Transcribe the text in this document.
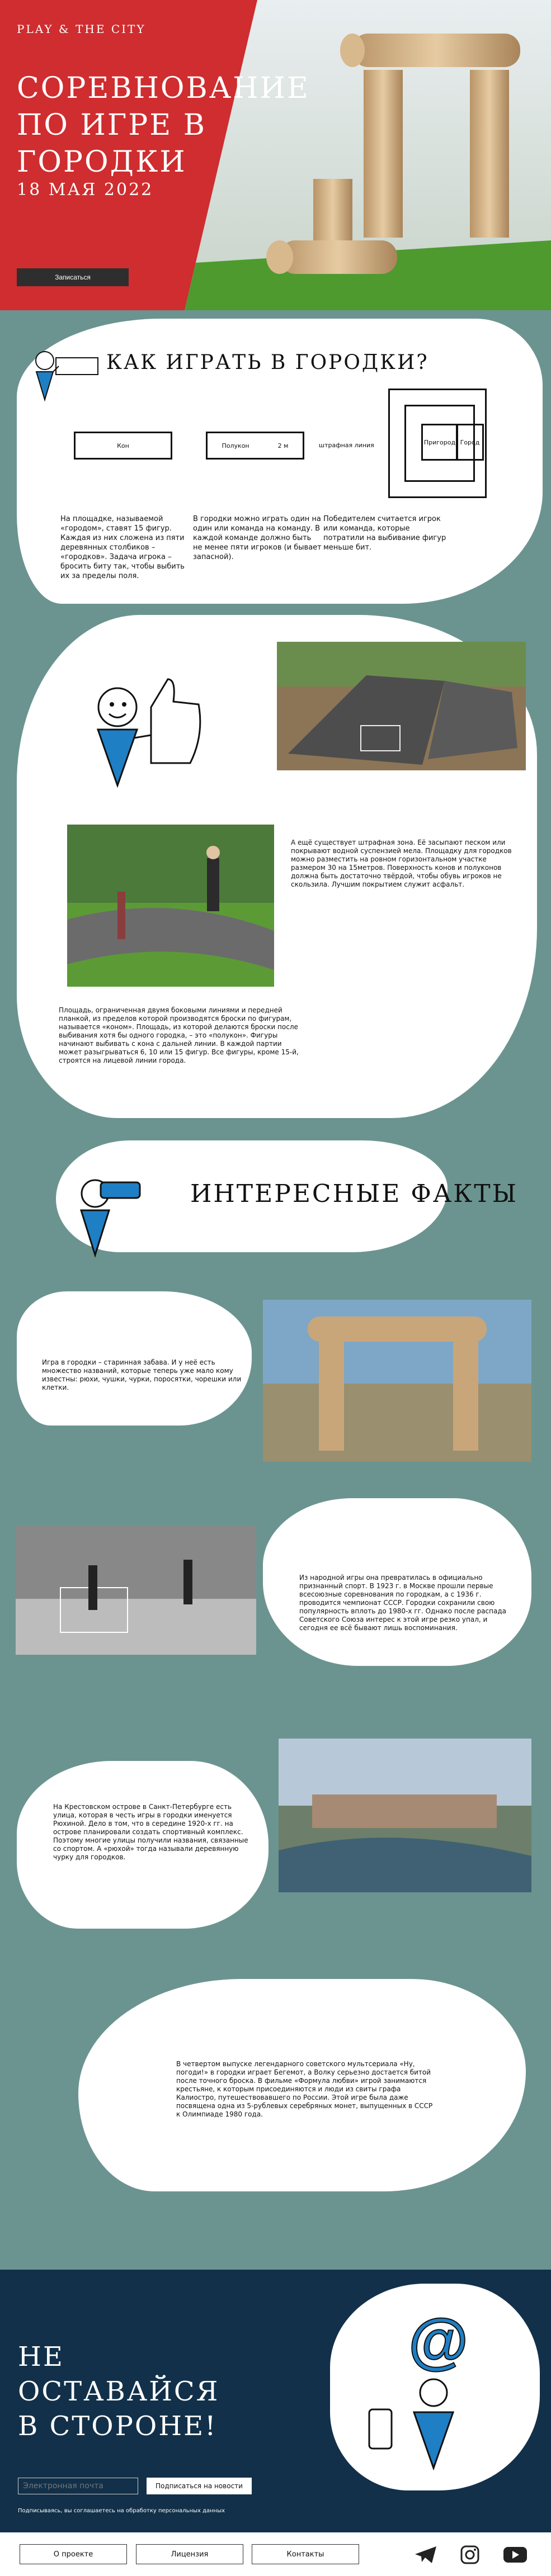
PLAY & THE CITY
СОРЕВНОВАНИЕ ПО ИГРЕ В ГОРОДКИ
18 МАЯ 2022
Записаться
КАК ИГРАТЬ В ГОРОДКИ?
Кон	Полукон	2 м	штрафная линия	Пригород Город
На площадке, называемой «городом», ставят 15 фигур. Каждая из них сложена из пяти деревянных столбиков – «городков». Задача игрока – бросить биту так, чтобы выбить их за пределы поля.
В городки можно играть один на один или команда на команду. В каждой команде должно быть не менее пяти игроков (и бывает запасной).
Победителем считается игрок или команда, которые потратили на выбивание фигур меньше бит.
А ещё существует штрафная зона. Её засыпают песком или покрывают водной суспензией мела. Площадку для городков можно разместить на ровном горизонтальном участке размером 30 на 15метров. Поверхность конов и полуконов должна быть достаточно твёрдой, чтобы обувь игроков не скользила. Лучшим покрытием служит асфальт.
Площадь, ограниченная двумя боковыми линиями и передней планкой, из пределов которой производятся броски по фигурам, называется «коном». Площадь, из которой делаются броски после выбивания хотя бы одного городка, – это «полукон». Фигуры начинают выбивать с кона с дальней линии. В каждой партии может разыгрываться 6, 10 или 15 фигур. Все фигуры, кроме 15-й, строятся на лицевой линии города.
ИНТЕРЕСНЫЕ ФАКТЫ
Игра в городки – старинная забава. И у неё есть множество названий, которые теперь уже мало кому известны: рюхи, чушки, чурки, поросятки, чорешки или клетки.
Из народной игры она превратилась в официально признанный спорт. В 1923 г. в Москве прошли первые всесоюзные соревнования по городкам, а с 1936 г. проводится чемпионат СССР. Городки сохранили свою популярность вплоть до 1980-х гг. Однако после распада Советского Союза интерес к этой игре резко упал, и сегодня ее всё бывают лишь воспоминания.
На Крестовском острове в Санкт-Петербурге есть улица, которая в честь игры в городки именуется Рюхиной. Дело в том, что в середине 1920-х гг. на острове планировали создать спортивный комплекс. Поэтому многие улицы получили названия, связанные со спортом. А «рюхой» тогда называли деревянную чурку для городков.
В четвертом выпуске легендарного советского мультсериала «Ну, погоди!» в городки играет Бегемот, а Волку серьезно достается битой после точного броска. В фильме «Формула любви» игрой занимаются крестьяне, к которым присоединяются и люди из свиты графа Калиостро, путешествовавшего по России. Этой игре была даже посвящена одна из 5-рублевых серебряных монет, выпущенных в СССР к Олимпиаде 1980 года.
@
НЕ ОСТАВАЙСЯ В СТОРОНЕ!
Электронная почта
Подписаться на новости
Подписываясь, вы соглашаетесь на обработку персональных данных
О проекте	Лицензия	Контакты
